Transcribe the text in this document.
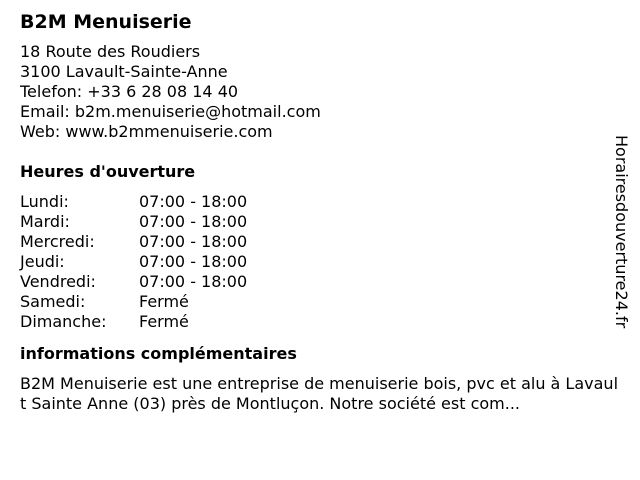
B2M Menuiserie
18 Route des Roudiers
3100 Lavault-Sainte-Anne
Telefon: +33 6 28 08 14 40
Email: b2m.menuiserie@hotmail.com
Web: www.b2mmenuiserie.com
Heures d'ouverture
Lundi:	07:00 - 18:00
Mardi:	07:00 - 18:00
Mercredi:	07:00 - 18:00
Jeudi:	07:00 - 18:00
Vendredi:	07:00 - 18:00
Samedi:	Fermé
Dimanche:	Fermé
informations complémentaires
B2M Menuiserie est une entreprise de menuiserie bois, pvc et alu à Lavault Sainte Anne (03) près de Montluçon. Notre société est com...
Horairesdouverture24.fr
